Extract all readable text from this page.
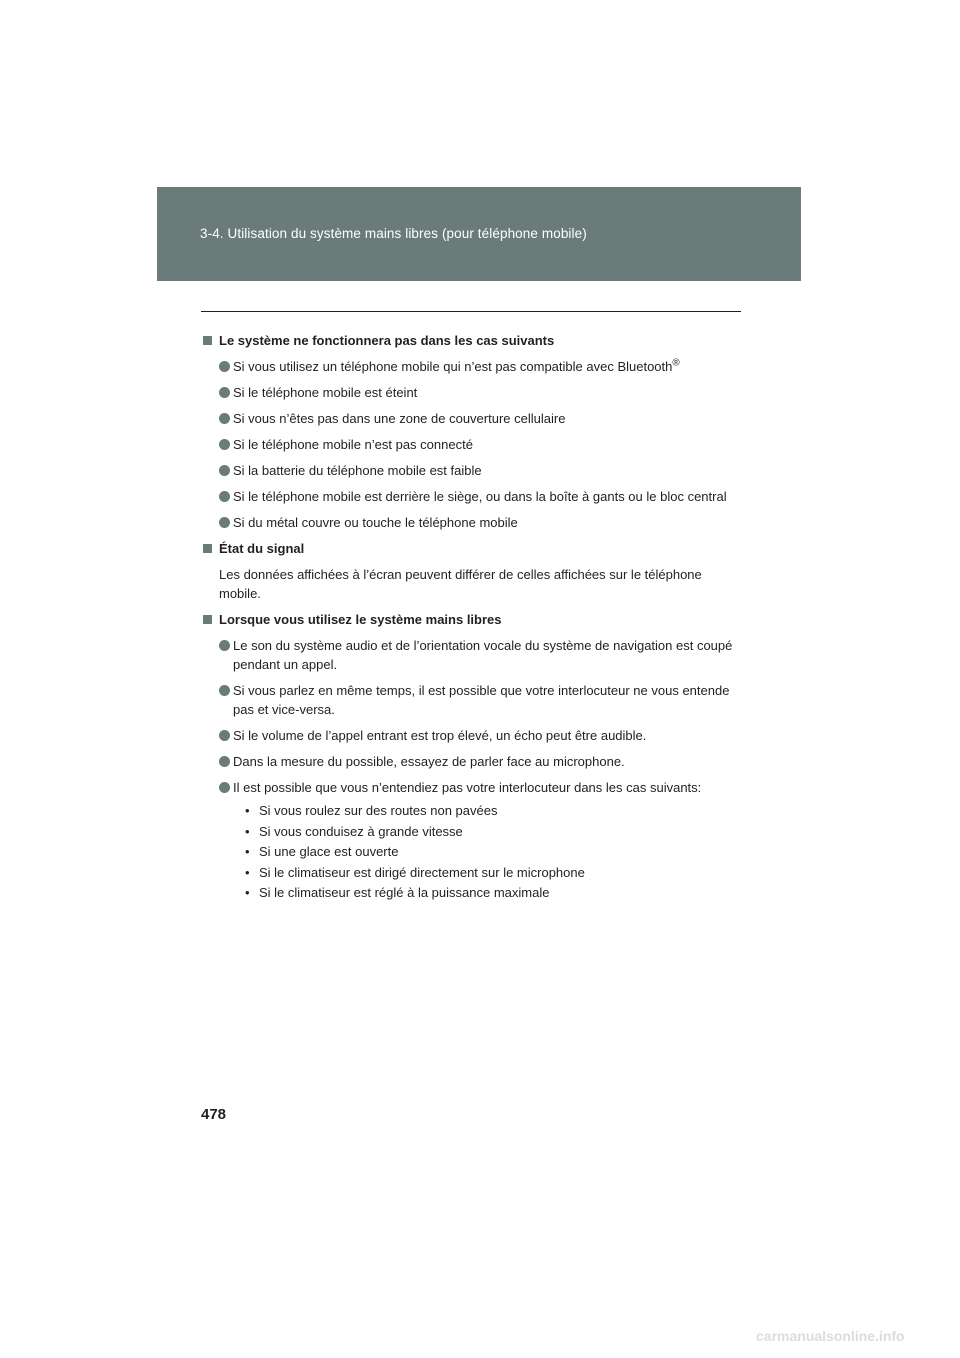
3-4. Utilisation du système mains libres (pour téléphone mobile)
Le système ne fonctionnera pas dans les cas suivants
Si vous utilisez un téléphone mobile qui n’est pas compatible avec Bluetooth®
Si le téléphone mobile est éteint
Si vous n’êtes pas dans une zone de couverture cellulaire
Si le téléphone mobile n’est pas connecté
Si la batterie du téléphone mobile est faible
Si le téléphone mobile est derrière le siège, ou dans la boîte à gants ou le bloc central
Si du métal couvre ou touche le téléphone mobile
État du signal
Les données affichées à l’écran peuvent différer de celles affichées sur le téléphone mobile.
Lorsque vous utilisez le système mains libres
Le son du système audio et de l’orientation vocale du système de navigation est coupé pendant un appel.
Si vous parlez en même temps, il est possible que votre interlocuteur ne vous entende pas et vice-versa.
Si le volume de l’appel entrant est trop élevé, un écho peut être audible.
Dans la mesure du possible, essayez de parler face au microphone.
Il est possible que vous n’entendiez pas votre interlocuteur dans les cas suivants:
• Si vous roulez sur des routes non pavées
• Si vous conduisez à grande vitesse
• Si une glace est ouverte
• Si le climatiseur est dirigé directement sur le microphone
• Si le climatiseur est réglé à la puissance maximale
478
carmanualsonline.info
